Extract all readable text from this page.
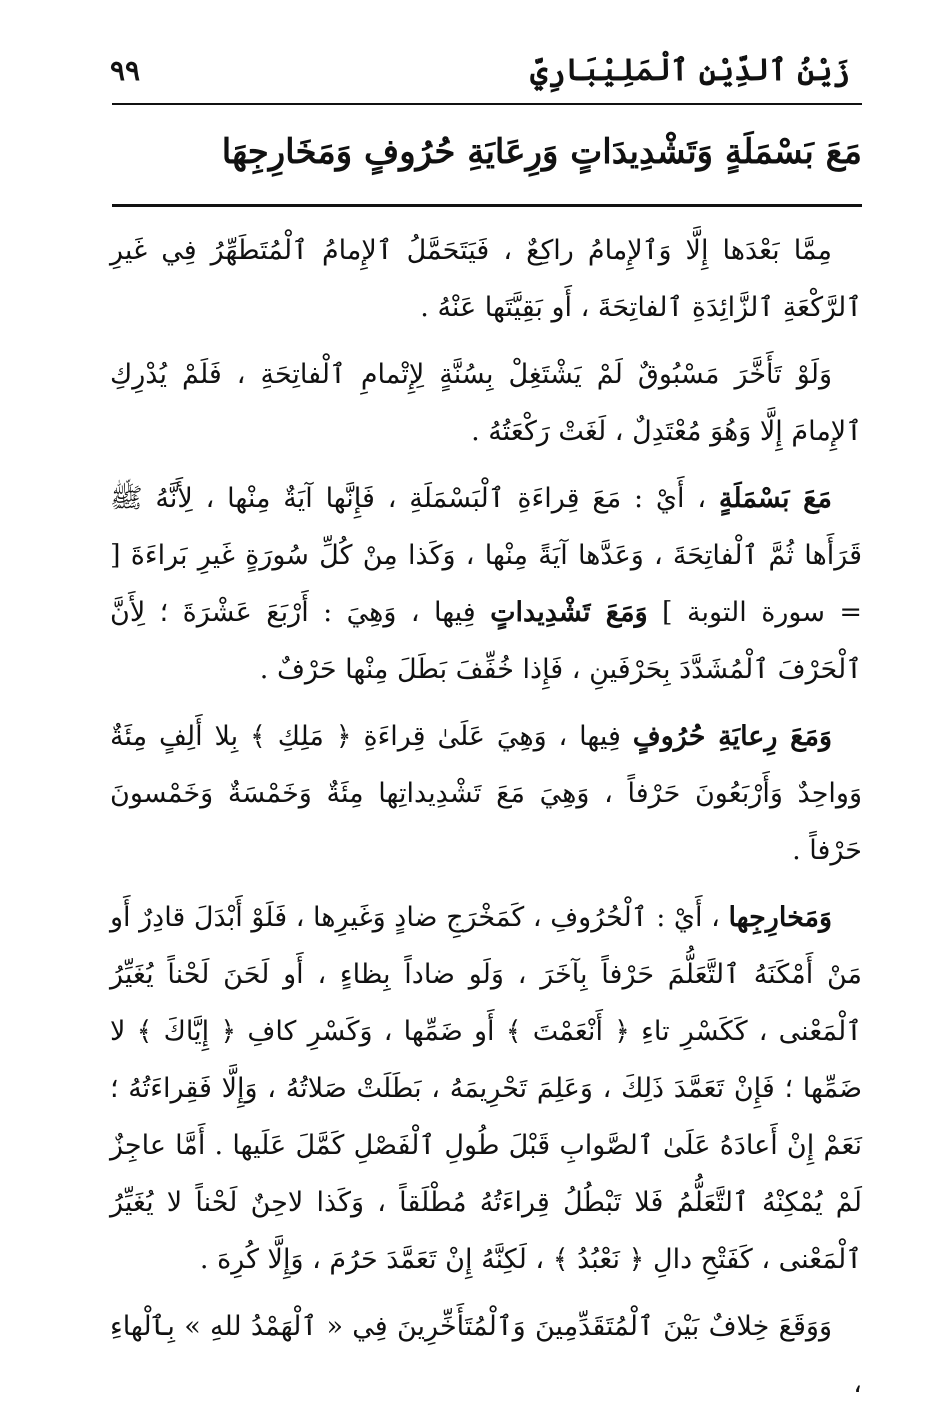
زَيْنُ ٱلدِّيْنِ ٱلْمَلِيْبَارِيّ
٩٩
مَعَ بَسْمَلَةٍ وَتَشْدِيدَاتٍ وَرِعَايَةِ حُرُوفٍ وَمَخَارِجِهَا

مِمَّا بَعْدَها إِلَّا وَٱلإِمامُ راكِعٌ ، فَيَتَحَمَّلُ ٱلإِمامُ ٱلْمُتَطَهِّرُ فِي غَيرِ ٱلرَّكْعَةِ ٱلزَّائِدَةِ ٱلفاتِحَةَ ، أَو بَقِيَّتَها عَنْهُ .

وَلَوْ تَأَخَّرَ مَسْبُوقٌ لَمْ يَشْتَغِلْ بِسُنَّةٍ لِإِتْمامِ ٱلْفاتِحَةِ ، فَلَمْ يُدْرِكِ ٱلإِمامَ إِلَّا وَهُوَ مُعْتَدِلٌ ، لَغَتْ رَكْعَتُهُ .

مَعَ بَسْمَلَةٍ ، أَيْ : مَعَ قِراءَةِ ٱلْبَسْمَلَةِ ، فَإِنَّها آيَةٌ مِنْها ، لِأَنَّهُ ﷺ قَرَأَها ثُمَّ ٱلْفاتِحَةَ ، وَعَدَّها آيَةً مِنْها ، وَكَذا مِنْ كُلِّ سُورَةٍ غَيرِ بَراءَةَ [ = سورة التوبة ] وَمَعَ تَشْدِيداتٍ فِيها ، وَهِيَ : أَرْبَعَ عَشْرَةَ ؛ لِأَنَّ ٱلْحَرْفَ ٱلْمُشَدَّدَ بِحَرْفَينِ ، فَإِذا خُفِّفَ بَطَلَ مِنْها حَرْفٌ .

وَمَعَ رِعايَةِ حُرُوفٍ فِيها ، وَهِيَ عَلَىٰ قِراءَةِ ﴿ مَلِكِ ﴾ بِلا أَلِفٍ مِئَةٌ وَواحِدٌ وَأَرْبَعُونَ حَرْفاً ، وَهِيَ مَعَ تَشْدِيداتِها مِئَةٌ وَخَمْسَةٌ وَخَمْسونَ حَرْفاً .

وَمَخارِجِها ، أَيْ : ٱلْحُرُوفِ ، كَمَخْرَجِ ضادٍ وَغَيرِها ، فَلَوْ أَبْدَلَ قادِرٌ أَو مَنْ أَمْكَنَهُ ٱلتَّعَلُّمَ حَرْفاً بِآخَرَ ، وَلَو ضاداً بِظاءٍ ، أَو لَحَنَ لَحْناً يُغَيِّرُ ٱلْمَعْنى ، كَكَسْرِ تاءِ ﴿ أَنْعَمْتَ ﴾ أَو ضَمِّها ، وَكَسْرِ كافِ ﴿ إِيَّاكَ ﴾ لا ضَمِّها ؛ فَإِنْ تَعَمَّدَ ذَلِكَ ، وَعَلِمَ تَحْرِيمَهُ ، بَطَلَتْ صَلاتُهُ ، وَإِلَّا فَقِراءَتُهُ ؛ نَعَمْ إِنْ أَعادَهُ عَلَىٰ ٱلصَّوابِ قَبْلَ طُولِ ٱلْفَصْلِ كَمَّلَ عَلَيها . أَمَّا عاجِزٌ لَمْ يُمْكِنْهُ ٱلتَّعَلُّمُ فَلا تَبْطُلُ قِراءَتُهُ مُطْلَقاً ، وَكَذا لاحِنٌ لَحْناً لا يُغَيِّرُ ٱلْمَعْنى ، كَفَتْحِ دالِ ﴿ نَعْبُدُ ﴾ ، لَكِنَّهُ إِنْ تَعَمَّدَ حَرُمَ ، وَإِلَّا كُرِهَ .

وَوَقَعَ خِلافٌ بَيْنَ ٱلْمُتَقَدِّمِينَ وَٱلْمُتَأَخِّرِينَ فِي « ٱلْهَمْدُ للهِ » بِٱلْهاءِ ،
